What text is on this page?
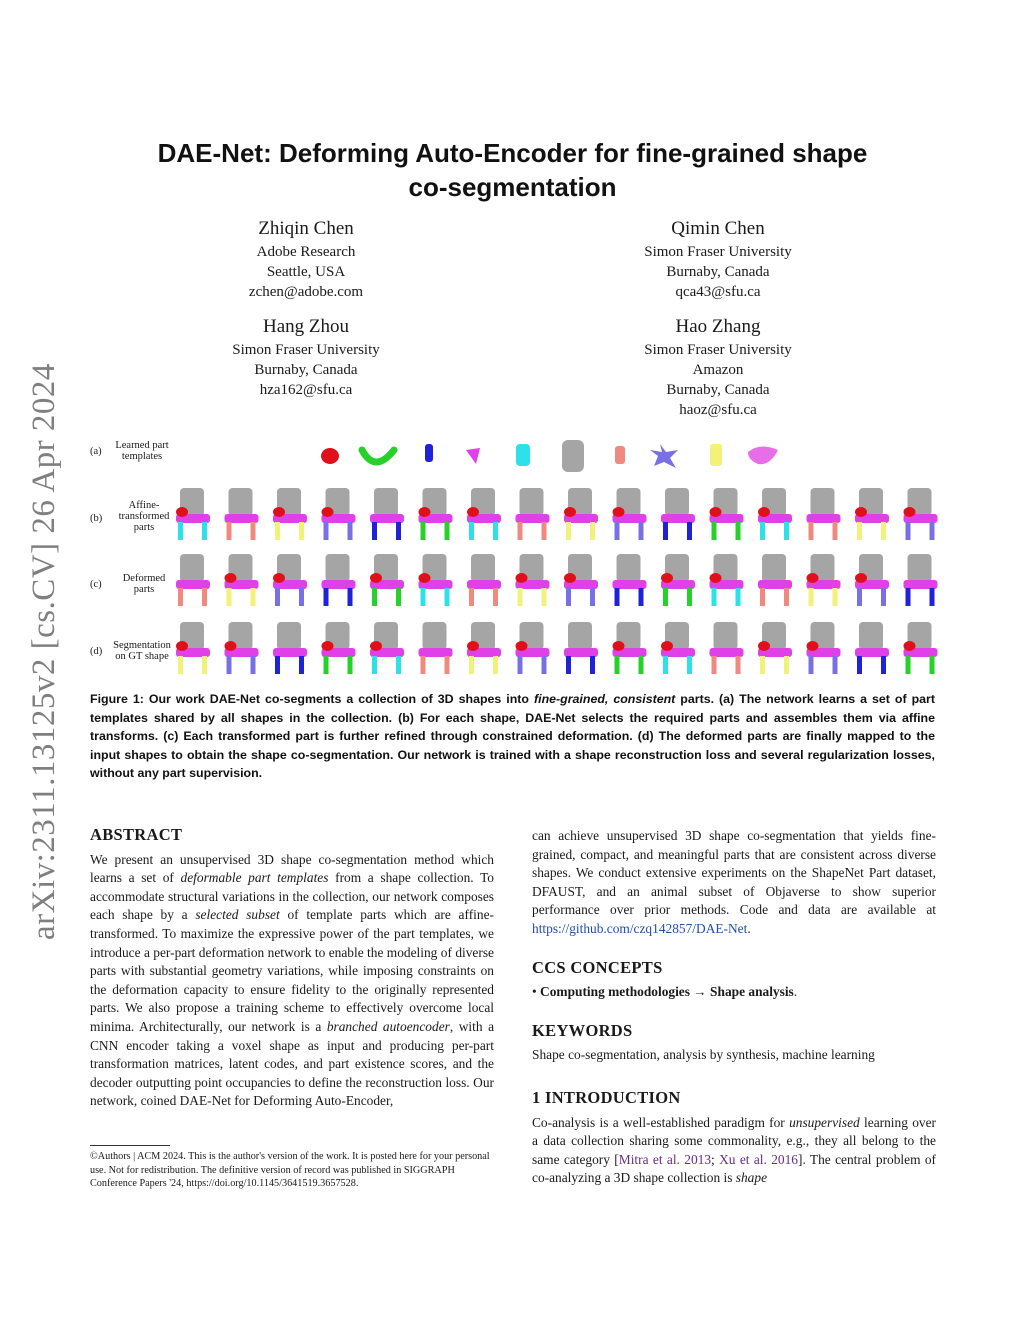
arXiv:2311.13125v2 [cs.CV] 26 Apr 2024
DAE-Net: Deforming Auto-Encoder for fine-grained shape
co-segmentation
Zhiqin Chen
Adobe Research
Seattle, USA
zchen@adobe.com
Qimin Chen
Simon Fraser University
Burnaby, Canada
qca43@sfu.ca
Hang Zhou
Simon Fraser University
Burnaby, Canada
hza162@sfu.ca
Hao Zhang
Simon Fraser University
Amazon
Burnaby, Canada
haoz@sfu.ca
(a)
Learned part templates
(b)
Affine-transformed parts
(c)
Deformed parts
(d)
Segmentation on GT shape
Figure 1: Our work DAE-Net co-segments a collection of 3D shapes into fine-grained, consistent parts. (a) The network learns a set of part templates shared by all shapes in the collection. (b) For each shape, DAE-Net selects the required parts and assembles them via affine transforms. (c) Each transformed part is further refined through constrained deformation. (d) The deformed parts are finally mapped to the input shapes to obtain the shape co-segmentation. Our network is trained with a shape reconstruction loss and several regularization losses, without any part supervision.
ABSTRACT

We present an unsupervised 3D shape co-segmentation method which learns a set of deformable part templates from a shape collection. To accommodate structural variations in the collection, our network composes each shape by a selected subset of template parts which are affine-transformed. To maximize the expressive power of the part templates, we introduce a per-part deformation network to enable the modeling of diverse parts with substantial geometry variations, while imposing constraints on the deformation capacity to ensure fidelity to the originally represented parts. We also propose a training scheme to effectively overcome local minima. Architecturally, our network is a branched autoencoder, with a CNN encoder taking a voxel shape as input and producing per-part transformation matrices, latent codes, and part existence scores, and the decoder outputting point occupancies to define the reconstruction loss. Our network, coined DAE-Net for Deforming Auto-Encoder,

©Authors | ACM 2024. This is the author's version of the work. It is posted here for your personal use. Not for redistribution. The definitive version of record was published in SIGGRAPH Conference Papers '24, https://doi.org/10.1145/3641519.3657528.

can achieve unsupervised 3D shape co-segmentation that yields fine-grained, compact, and meaningful parts that are consistent across diverse shapes. We conduct extensive experiments on the ShapeNet Part dataset, DFAUST, and an animal subset of Objaverse to show superior performance over prior methods. Code and data are available at https://github.com/czq142857/DAE-Net.

CCS CONCEPTS

• Computing methodologies → Shape analysis.

KEYWORDS

Shape co-segmentation, analysis by synthesis, machine learning

1 INTRODUCTION

Co-analysis is a well-established paradigm for unsupervised learning over a data collection sharing some commonality, e.g., they all belong to the same category [Mitra et al. 2013; Xu et al. 2016]. The central problem of co-analyzing a 3D shape collection is shape
